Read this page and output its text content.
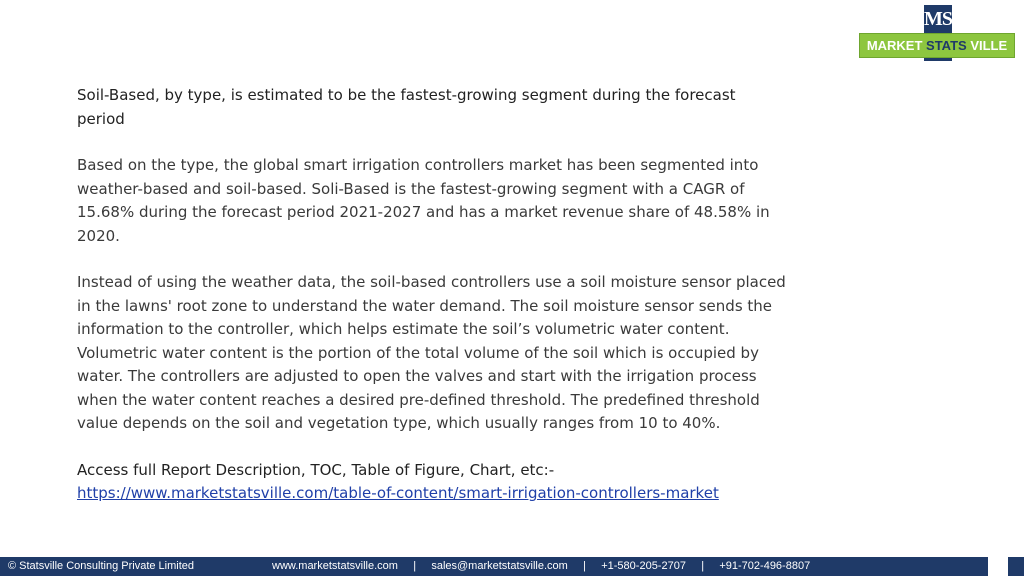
MS
MARKET STATS VILLE

Soil-Based, by type, is estimated to be the fastest-growing segment during the forecast period

Based on the type, the global smart irrigation controllers market has been segmented into weather-based and soil-based. Soli-Based is the fastest-growing segment with a CAGR of 15.68% during the forecast period 2021-2027 and has a market revenue share of 48.58% in 2020.

Instead of using the weather data, the soil-based controllers use a soil moisture sensor placed in the lawns' root zone to understand the water demand. The soil moisture sensor sends the information to the controller, which helps estimate the soil’s volumetric water content. Volumetric water content is the portion of the total volume of the soil which is occupied by water. The controllers are adjusted to open the valves and start with the irrigation process when the water content reaches a desired pre-defined threshold. The predefined threshold value depends on the soil and vegetation type, which usually ranges from 10 to 40%.

Access full Report Description, TOC, Table of Figure, Chart, etc:-
https://www.marketstatsville.com/table-of-content/smart-irrigation-controllers-market

© Statsville Consulting Private Limited	www.marketstatsville.com     |     sales@marketstatsville.com     |     +1-580-205-2707     |     +91-702-496-8807
